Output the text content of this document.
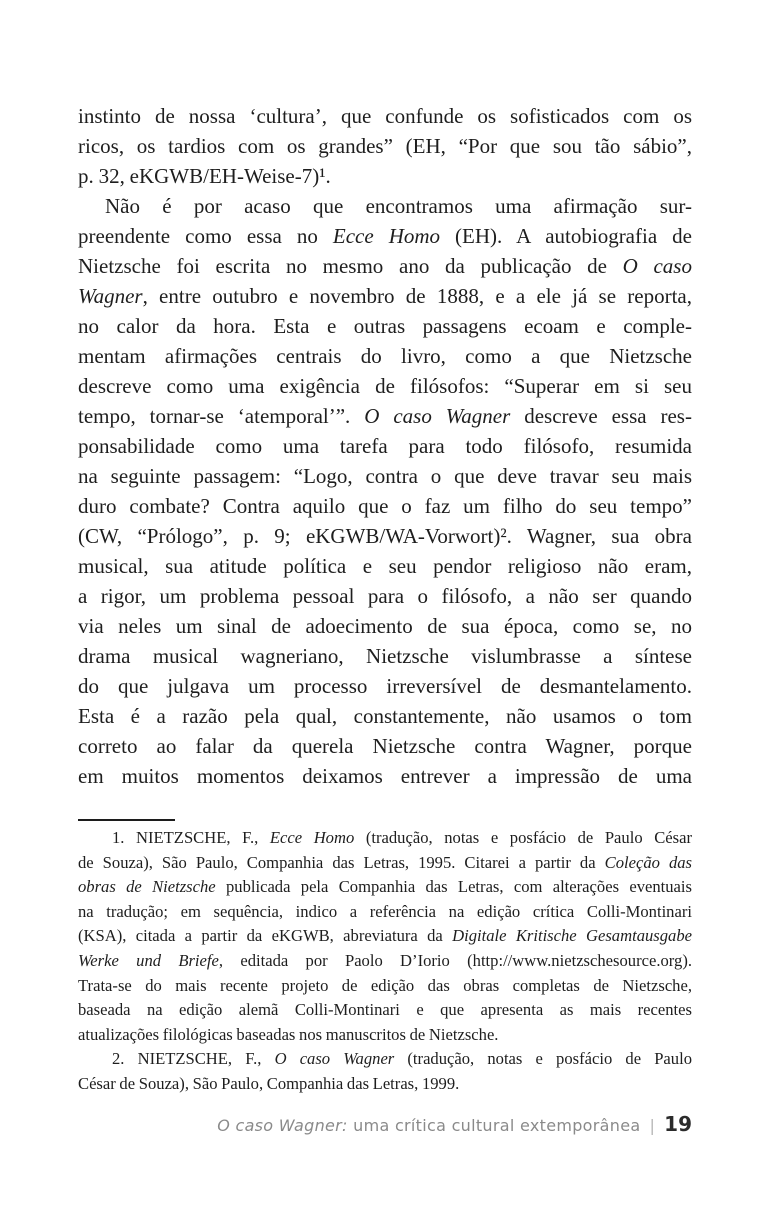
instinto de nossa ‘cultura’, que confunde os sofisticados com os
ricos, os tardios com os grandes” (EH, “Por que sou tão sábio”,
p. 32, eKGWB/EH-Weise-7)¹.
Não é por acaso que encontramos uma afirmação sur-
preendente como essa no Ecce Homo (EH). A autobiografia de
Nietzsche foi escrita no mesmo ano da publicação de O caso
Wagner, entre outubro e novembro de 1888, e a ele já se reporta,
no calor da hora. Esta e outras passagens ecoam e comple-
mentam afirmações centrais do livro, como a que Nietzsche
descreve como uma exigência de filósofos: “Superar em si seu
tempo, tornar-se ‘atemporal’”. O caso Wagner descreve essa res-
ponsabilidade como uma tarefa para todo filósofo, resumida
na seguinte passagem: “Logo, contra o que deve travar seu mais
duro combate? Contra aquilo que o faz um filho do seu tempo”
(CW, “Prólogo”, p. 9; eKGWB/WA-Vorwort)². Wagner, sua obra
musical, sua atitude política e seu pendor religioso não eram,
a rigor, um problema pessoal para o filósofo, a não ser quando
via neles um sinal de adoecimento de sua época, como se, no
drama musical wagneriano, Nietzsche vislumbrasse a síntese
do que julgava um processo irreversível de desmantelamento.
Esta é a razão pela qual, constantemente, não usamos o tom
correto ao falar da querela Nietzsche contra Wagner, porque
em muitos momentos deixamos entrever a impressão de uma
1. NIETZSCHE, F., Ecce Homo (tradução, notas e posfácio de Paulo César
de Souza), São Paulo, Companhia das Letras, 1995. Citarei a partir da Coleção das
obras de Nietzsche publicada pela Companhia das Letras, com alterações eventuais
na tradução; em sequência, indico a referência na edição crítica Colli-Montinari
(KSA), citada a partir da eKGWB, abreviatura da Digitale Kritische Gesamtausgabe
Werke und Briefe, editada por Paolo D’Iorio (http://www.nietzschesource.org).
Trata-se do mais recente projeto de edição das obras completas de Nietzsche,
baseada na edição alemã Colli-Montinari e que apresenta as mais recentes
atualizações filológicas baseadas nos manuscritos de Nietzsche.
2. NIETZSCHE, F., O caso Wagner (tradução, notas e posfácio de Paulo
César de Souza), São Paulo, Companhia das Letras, 1999.
O caso Wagner: uma crítica cultural extemporânea | 19
